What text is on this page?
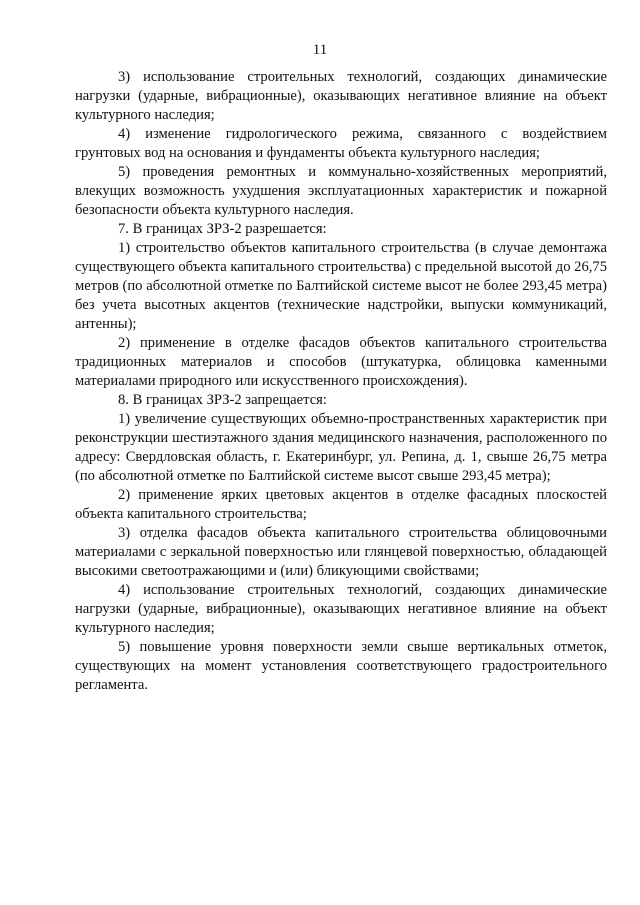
11

3) использование строительных технологий, создающих динамические нагрузки (ударные, вибрационные), оказывающих негативное влияние на объект культурного наследия;

4) изменение гидрологического режима, связанного с воздействием грунтовых вод на основания и фундаменты объекта культурного наследия;

5) проведения ремонтных и коммунально-хозяйственных мероприятий, влекущих возможность ухудшения эксплуатационных характеристик и пожарной безопасности объекта культурного наследия.

7. В границах ЗРЗ-2 разрешается:

1) строительство объектов капитального строительства (в случае демонтажа существующего объекта капитального строительства) с предельной высотой до 26,75 метров (по абсолютной отметке по Балтийской системе высот не более 293,45 метра) без учета высотных акцентов (технические надстройки, выпуски коммуникаций, антенны);

2) применение в отделке фасадов объектов капитального строительства традиционных материалов и способов (штукатурка, облицовка каменными материалами природного или искусственного происхождения).

8. В границах ЗРЗ-2 запрещается:

1) увеличение существующих объемно-пространственных характеристик при реконструкции шестиэтажного здания медицинского назначения, расположенного по адресу: Свердловская область, г. Екатеринбург, ул. Репина, д. 1, свыше 26,75 метра (по абсолютной отметке по Балтийской системе высот свыше 293,45 метра);

2) применение ярких цветовых акцентов в отделке фасадных плоскостей объекта капитального строительства;

3) отделка фасадов объекта капитального строительства облицовочными материалами с зеркальной поверхностью или глянцевой поверхностью, обладающей высокими светоотражающими и (или) бликующими свойствами;

4) использование строительных технологий, создающих динамические нагрузки (ударные, вибрационные), оказывающих негативное влияние на объект культурного наследия;

5) повышение уровня поверхности земли свыше вертикальных отметок, существующих на момент установления соответствующего градостроительного регламента.
